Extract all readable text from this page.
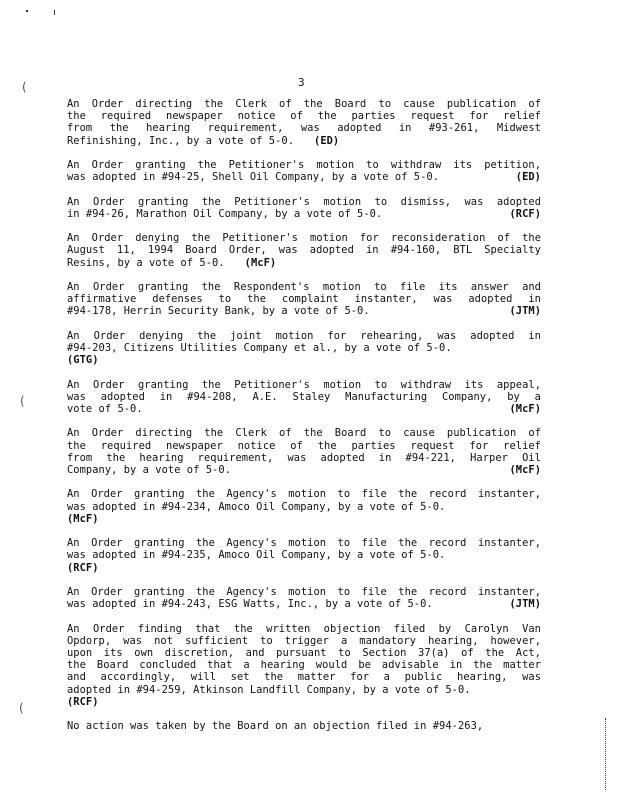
3
(
(
(
An Order directing the Clerk of the Board to cause publication of
the required newspaper notice of the parties request for relief
from the hearing requirement, was adopted in #93-261, Midwest
Refinishing, Inc., by a vote of 5-0. (ED)
An Order granting the Petitioner's motion to withdraw its petition,
was adopted in #94-25, Shell Oil Company, by a vote of 5-0.	(ED)
An Order granting the Petitioner's motion to dismiss, was adopted
in #94-26, Marathon Oil Company, by a vote of 5-0.	(RCF)
An Order denying the Petitioner's motion for reconsideration of the
August 11, 1994 Board Order, was adopted in #94-160, BTL Specialty
Resins, by a vote of 5-0. (McF)
An Order granting the Respondent's motion to file its answer and
affirmative defenses to the complaint instanter, was adopted in
#94-178, Herrin Security Bank, by a vote of 5-0.	(JTM)
An Order denying the joint motion for rehearing, was adopted in
#94-203, Citizens Utilities Company et al., by a vote of 5-0.
(GTG)
An Order granting the Petitioner's motion to withdraw its appeal,
was adopted in #94-208, A.E. Staley Manufacturing Company, by a
vote of 5-0.	(McF)
An Order directing the Clerk of the Board to cause publication of
the required newspaper notice of the parties request for relief
from the hearing requirement, was adopted in #94-221, Harper Oil
Company, by a vote of 5-0.	(McF)
An Order granting the Agency's motion to file the record instanter,
was adopted in #94-234, Amoco Oil Company, by a vote of 5-0.
(McF)
An Order granting the Agency's motion to file the record instanter,
was adopted in #94-235, Amoco Oil Company, by a vote of 5-0.
(RCF)
An Order granting the Agency's motion to file the record instanter,
was adopted in #94-243, ESG Watts, Inc., by a vote of 5-0.	(JTM)
An Order finding that the written objection filed by Carolyn Van
Opdorp, was not sufficient to trigger a mandatory hearing, however,
upon its own discretion, and pursuant to Section 37(a) of the Act,
the Board concluded that a hearing would be advisable in the matter
and accordingly, will set the matter for a public hearing, was
adopted in #94-259, Atkinson Landfill Company, by a vote of 5-0.
(RCF)
No action was taken by the Board on an objection filed in #94-263,
